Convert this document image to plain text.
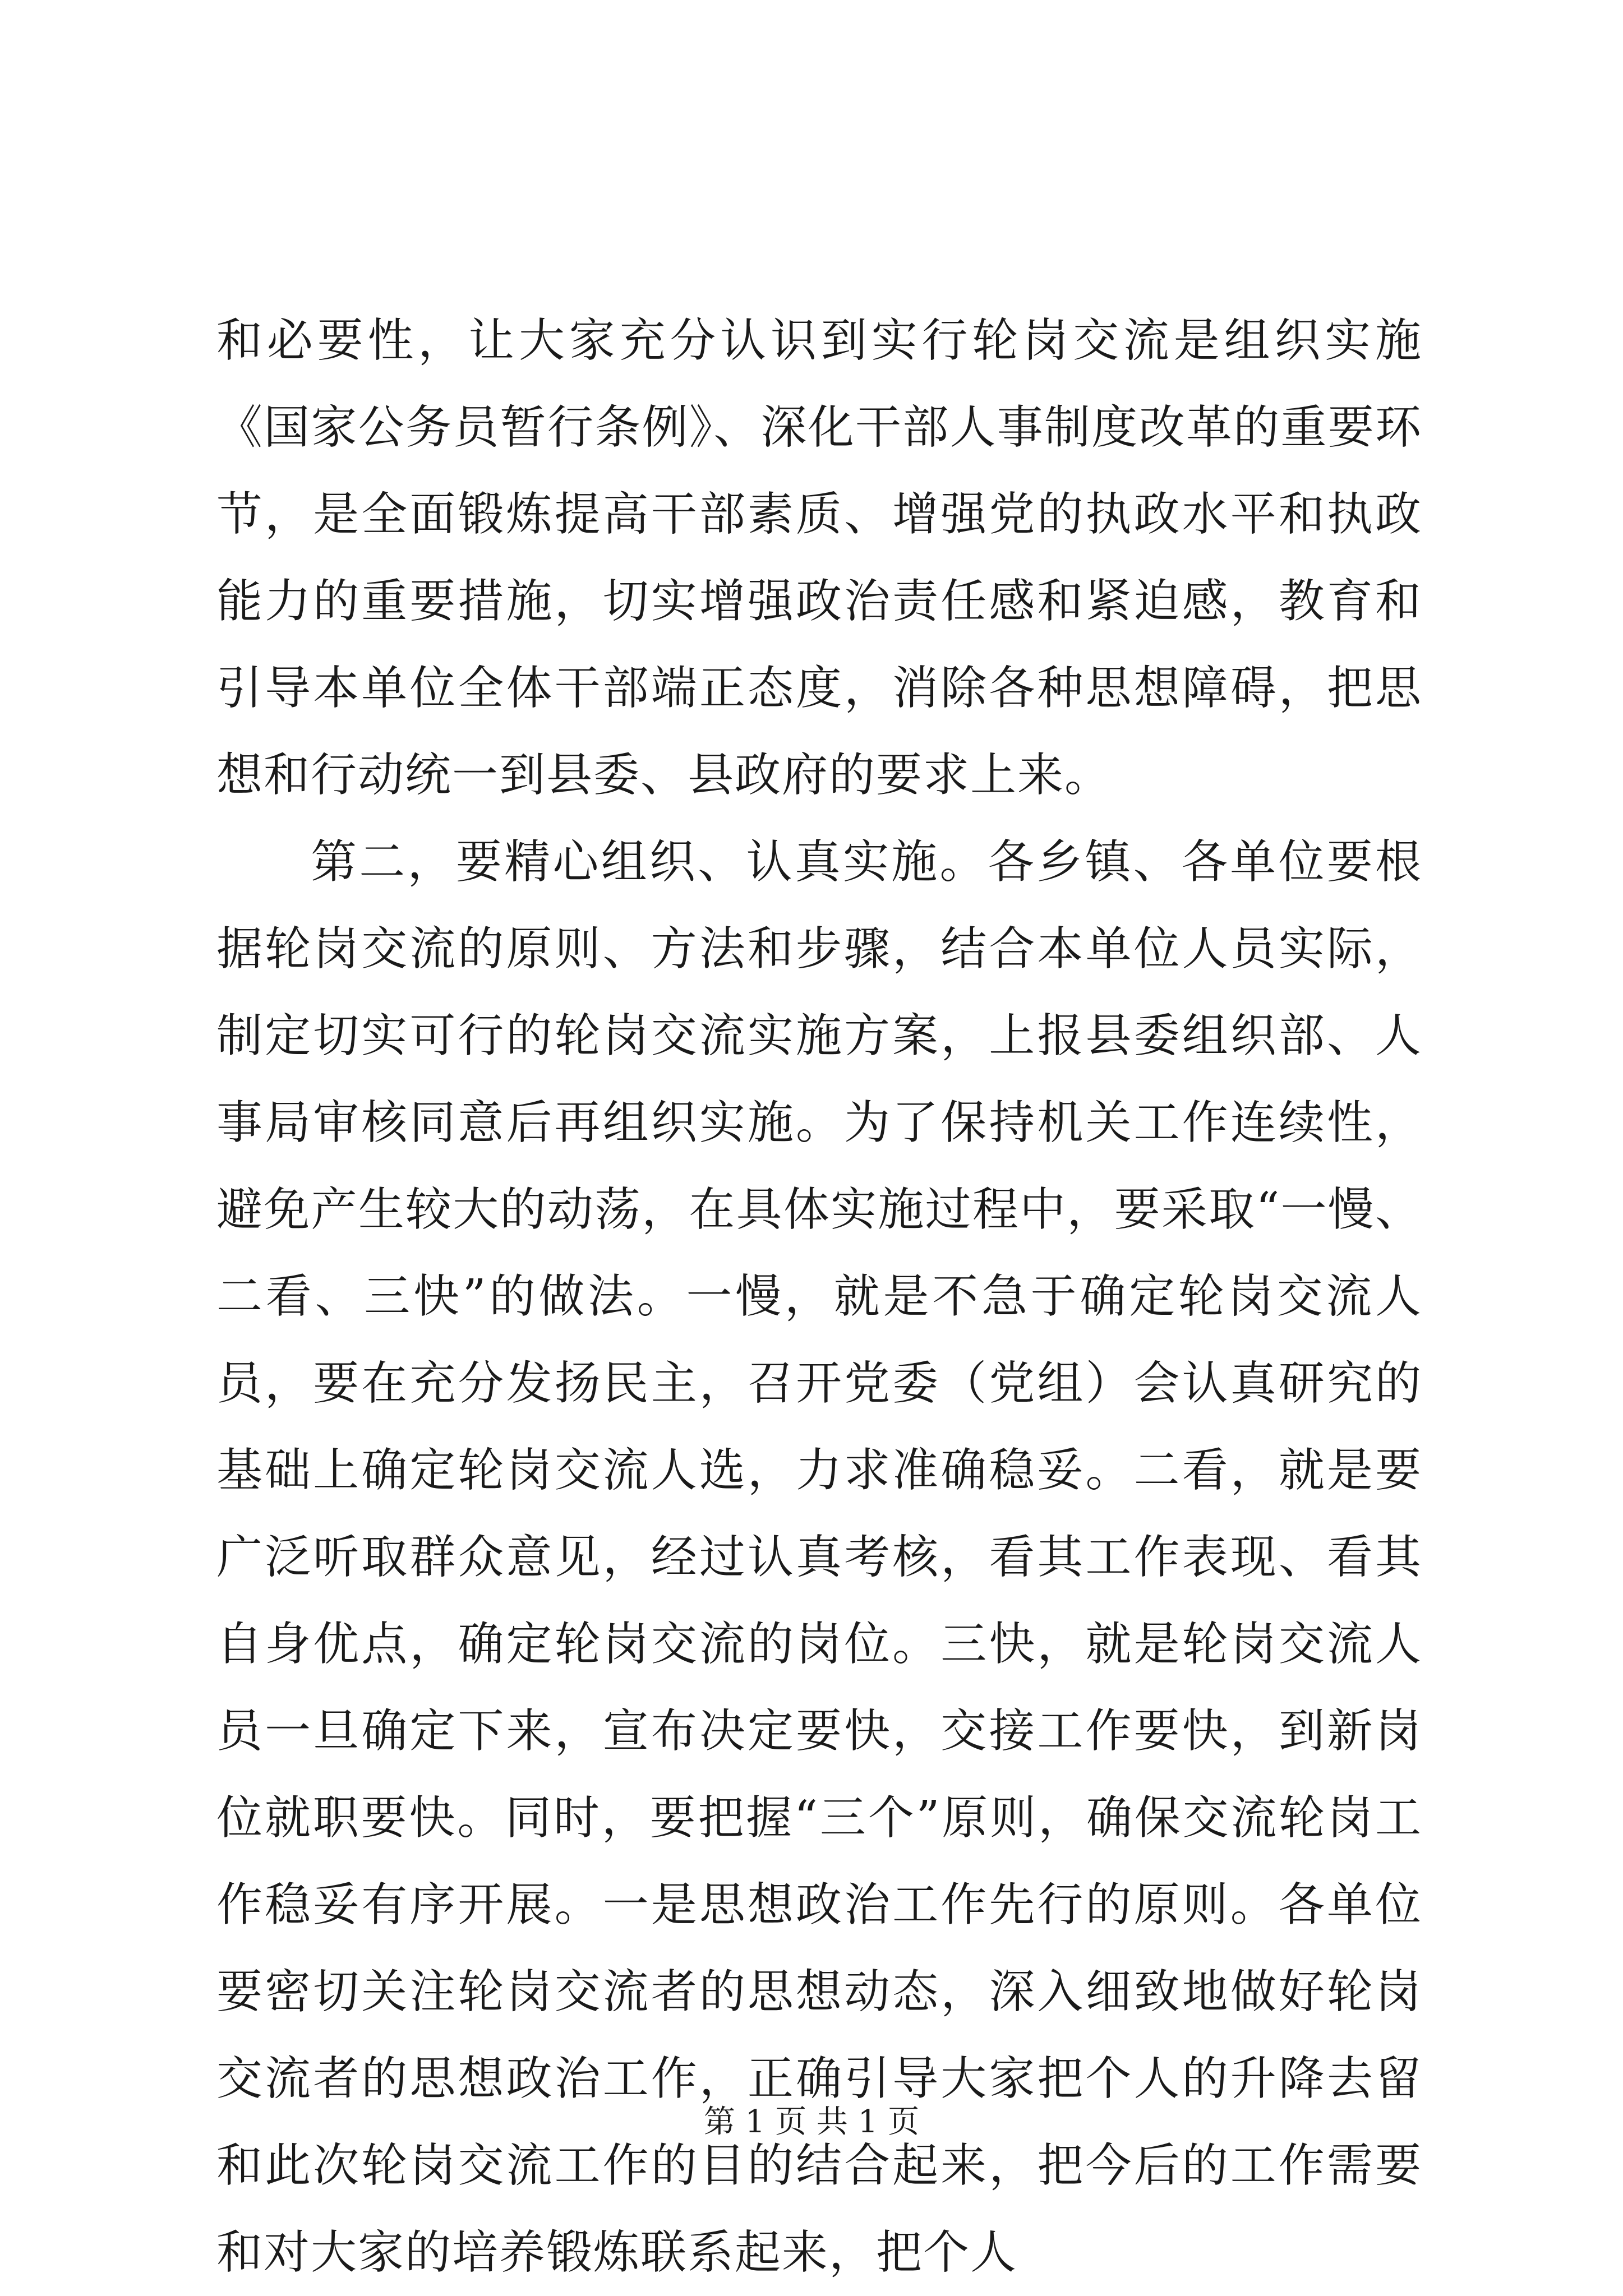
和必要性，让大家充分认识到实行轮岗交流是组织实施《国家公务员暂行条例》、深化干部人事制度改革的重要环节，是全面锻炼提高干部素质、增强党的执政水平和执政能力的重要措施，切实增强政治责任感和紧迫感，教育和引导本单位全体干部端正态度，消除各种思想障碍，把思想和行动统一到县委、县政府的要求上来。

第二，要精心组织、认真实施。各乡镇、各单位要根据轮岗交流的原则、方法和步骤，结合本单位人员实际，制定切实可行的轮岗交流实施方案，上报县委组织部、人事局审核同意后再组织实施。为了保持机关工作连续性，避免产生较大的动荡，在具体实施过程中，要采取“一慢、二看、三快”的做法。一慢，就是不急于确定轮岗交流人员，要在充分发扬民主，召开党委（党组）会认真研究的基础上确定轮岗交流人选，力求准确稳妥。二看，就是要广泛听取群众意见，经过认真考核，看其工作表现、看其自身优点，确定轮岗交流的岗位。三快，就是轮岗交流人员一旦确定下来，宣布决定要快，交接工作要快，到新岗位就职要快。同时，要把握“三个”原则，确保交流轮岗工作稳妥有序开展。一是思想政治工作先行的原则。各单位要密切关注轮岗交流者的思想动态，深入细致地做好轮岗交流者的思想政治工作，正确引导大家把个人的升降去留和此次轮岗交流工作的目的结合起来，把今后的工作需要和对大家的培养锻炼联系起来，把个人

第 1 页 共 1 页
